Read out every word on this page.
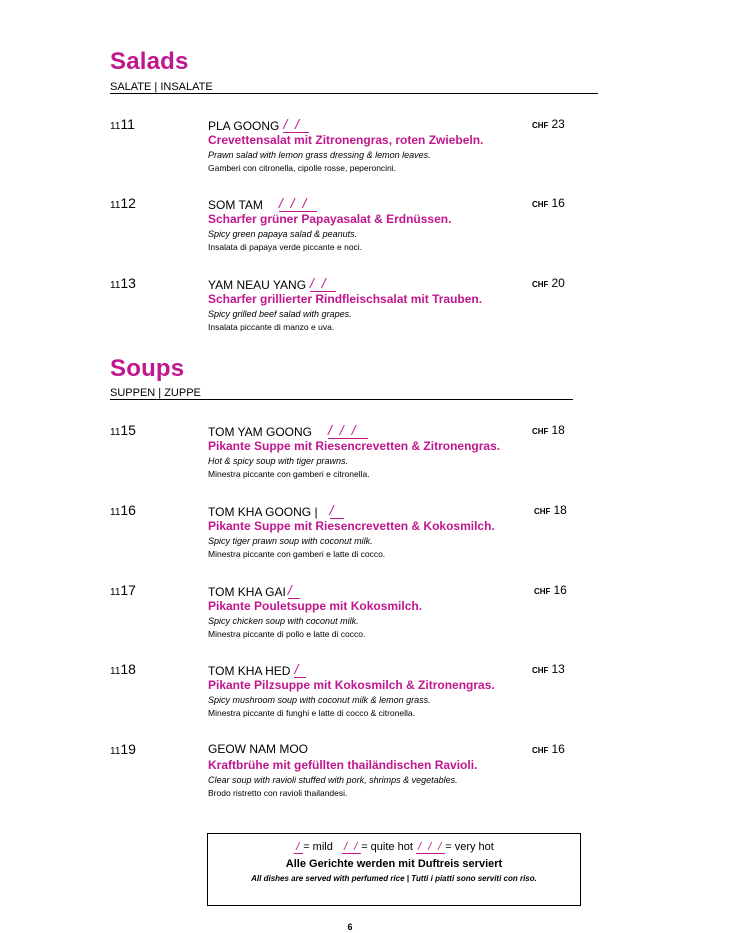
Salads
SALATE | INSALATE
1111	PLA GOONG / /
Crevettensalat mit Zitronengras, roten Zwiebeln.
Prawn salad with lemon grass dressing & lemon leaves.
Gamberi con citronella, cipolle rosse, peperoncini.
CHF 23
1112	SOM TAM / / /
Scharfer grüner Papayasalat & Erdnüssen.
Spicy green papaya salad & peanuts.
Insalata di papaya verde piccante e noci.
CHF 16
1113	YAM NEAU YANG / /
Scharfer grillierter Rindfleischsalat mit Trauben.
Spicy grilled beef salad with grapes.
Insalata piccante di manzo e uva.
CHF 20
Soups
SUPPEN | ZUPPE
1115	TOM YAM GOONG / / /
Pikante Suppe mit Riesencrevetten & Zitronengras.
Hot & spicy soup with tiger prawns.
Minestra piccante con gamberi e citronella.
CHF 18
1116	TOM KHA GOONG | /
Pikante Suppe mit Riesencrevetten & Kokosmilch.
Spicy tiger prawn soup with coconut milk.
Minestra piccante con gamberi e latte di cocco.
CHF 18
1117	TOM KHA GAI /
Pikante Pouletsuppe mit Kokosmilch.
Spicy chicken soup with coconut milk.
Minestra piccante di pollo e latte di cocco.
CHF 16
1118	TOM KHA HED /
Pikante Pilzsuppe mit Kokosmilch & Zitronengras.
Spicy mushroom soup with coconut milk & lemon grass.
Minestra piccante di funghi e latte di cocco & citronella.
CHF 13
1119	GEOW NAM MOO
Kraftbrühe mit gefüllten thailändischen Ravioli.
Clear soup with ravioli stuffed with pork, shrimps & vegetables.
Brodo ristretto con ravioli thailandesi.
CHF 16
/ = mild / / = quite hot / / / = very hot
Alle Gerichte werden mit Duftreis serviert
All dishes are served with perfumed rice | Tutti i piatti sono serviti con riso.
6
